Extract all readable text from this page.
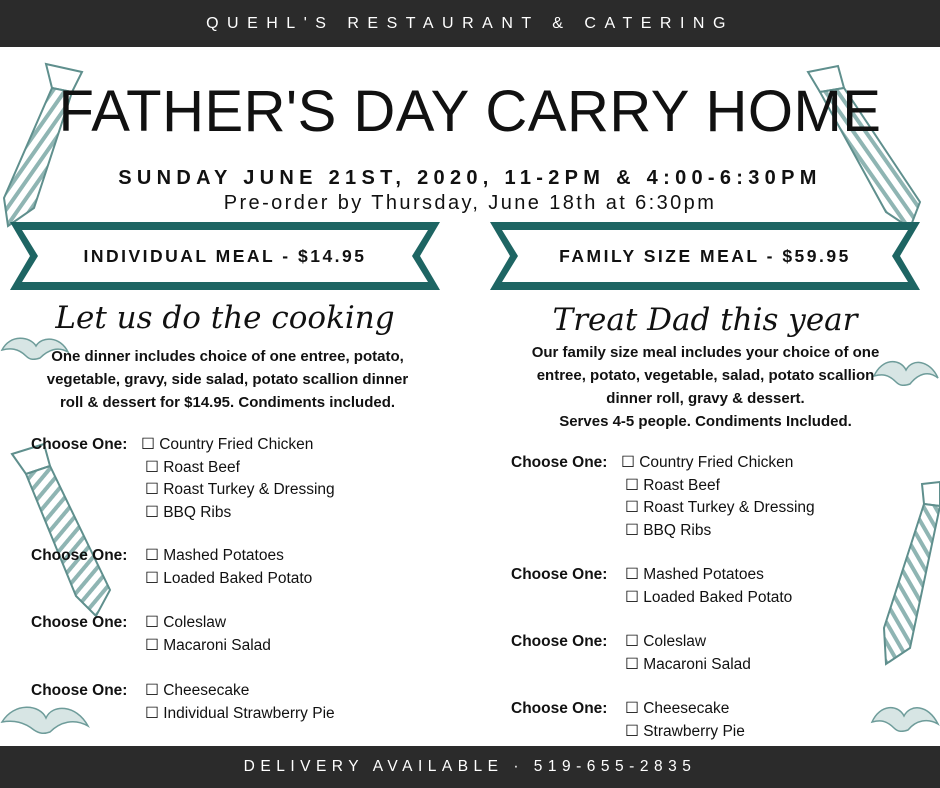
QUEHL'S RESTAURANT & CATERING
FATHER'S DAY CARRY HOME
SUNDAY JUNE 21ST, 2020, 11-2PM & 4:00-6:30PM
Pre-order by Thursday, June 18th at 6:30pm
INDIVIDUAL MEAL - $14.95	FAMILY SIZE MEAL - $59.95
Let us do the cooking	Treat Dad this year
One dinner includes choice of one entree, potato,
vegetable, gravy, side salad, potato scallion dinner
roll & dessert for $14.95. Condiments included.
Our family size meal includes your choice of one
entree, potato, vegetable, salad, potato scallion
dinner roll, gravy & dessert.
Serves 4-5 people. Condiments Included.
Choose One: ☐ Country Fried Chicken
☐ Roast Beef
☐ Roast Turkey & Dressing
☐ BBQ Ribs
Choose One: ☐ Mashed Potatoes
☐ Loaded Baked Potato
Choose One: ☐ Coleslaw
☐ Macaroni Salad
Choose One: ☐ Cheesecake
☐ Individual Strawberry Pie
Choose One: ☐ Country Fried Chicken
☐ Roast Beef
☐ Roast Turkey & Dressing
☐ BBQ Ribs
Choose One: ☐ Mashed Potatoes
☐ Loaded Baked Potato
Choose One: ☐ Coleslaw
☐ Macaroni Salad
Choose One: ☐ Cheesecake
☐ Strawberry Pie
DELIVERY AVAILABLE · 519-655-2835
